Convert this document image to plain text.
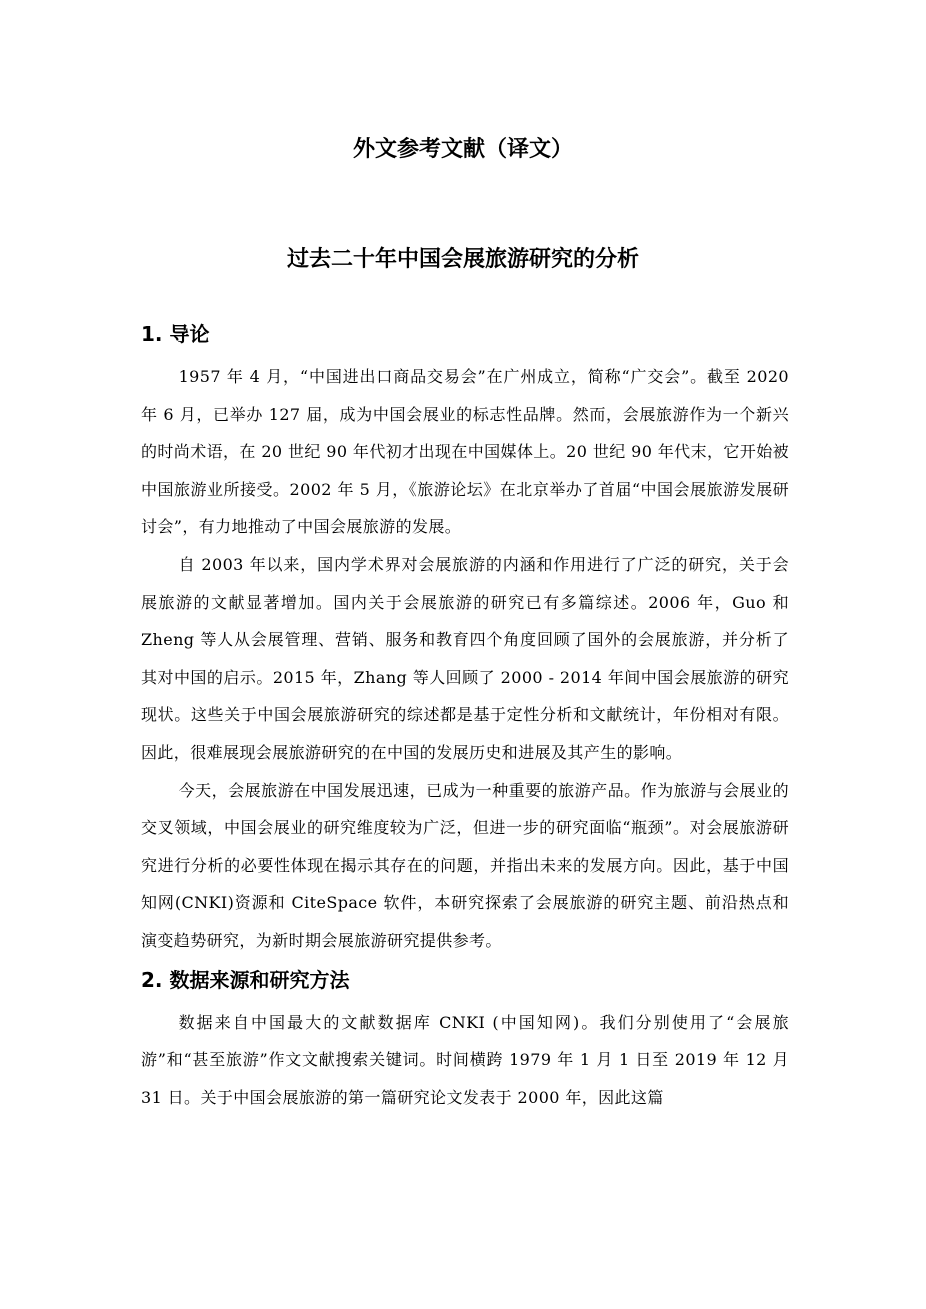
外文参考文献（译文）
过去二十年中国会展旅游研究的分析
1. 导论

1957 年 4 月，“中国进出口商品交易会”在广州成立，简称“广交会”。截至 2020 年 6 月，已举办 127 届，成为中国会展业的标志性品牌。然而，会展旅游作为一个新兴的时尚术语，在 20 世纪 90 年代初才出现在中国媒体上。20 世纪 90 年代末，它开始被中国旅游业所接受。2002 年 5 月，《旅游论坛》在北京举办了首届“中国会展旅游发展研讨会”，有力地推动了中国会展旅游的发展。

自 2003 年以来，国内学术界对会展旅游的内涵和作用进行了广泛的研究，关于会展旅游的文献显著增加。国内关于会展旅游的研究已有多篇综述。2006 年，Guo 和 Zheng 等人从会展管理、营销、服务和教育四个角度回顾了国外的会展旅游，并分析了其对中国的启示。2015 年，Zhang 等人回顾了 2000 - 2014 年间中国会展旅游的研究现状。这些关于中国会展旅游研究的综述都是基于定性分析和文献统计，年份相对有限。因此，很难展现会展旅游研究的在中国的发展历史和进展及其产生的影响。

今天，会展旅游在中国发展迅速，已成为一种重要的旅游产品。作为旅游与会展业的交叉领域，中国会展业的研究维度较为广泛，但进一步的研究面临“瓶颈”。对会展旅游研究进行分析的必要性体现在揭示其存在的问题，并指出未来的发展方向。因此，基于中国知网(CNKI)资源和 CiteSpace 软件，本研究探索了会展旅游的研究主题、前沿热点和演变趋势研究，为新时期会展旅游研究提供参考。

2. 数据来源和研究方法

数据来自中国最大的文献数据库 CNKI (中国知网)。我们分别使用了“会展旅游”和“甚至旅游”作文文献搜索关键词。时间横跨 1979 年 1 月 1 日至 2019 年 12 月 31 日。关于中国会展旅游的第一篇研究论文发表于 2000 年，因此这篇
